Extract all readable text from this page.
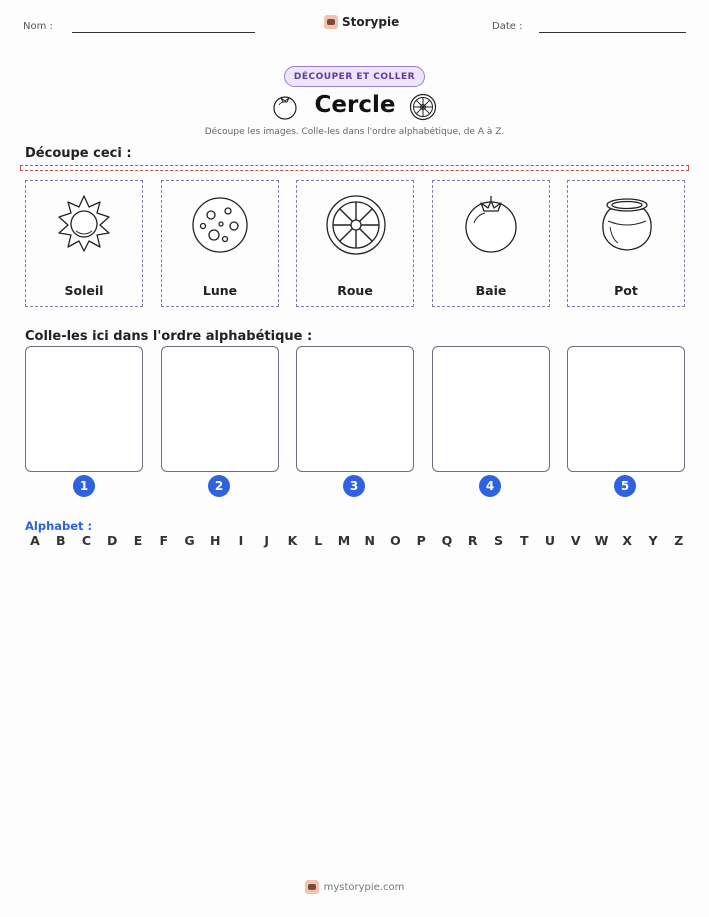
Nom :	Storypie	Date :
DÉCOUPER ET COLLER
Cercle
Découpe les images. Colle-les dans l'ordre alphabétique, de A à Z.
Découpe ceci :
Soleil	Lune	Roue	Baie	Pot
Colle-les ici dans l'ordre alphabétique :
1	2	3	4	5
Alphabet :
A B C D E F G H	I	J	K	L	M N O P Q R S T U V W X Y Z
mystorypie.com
